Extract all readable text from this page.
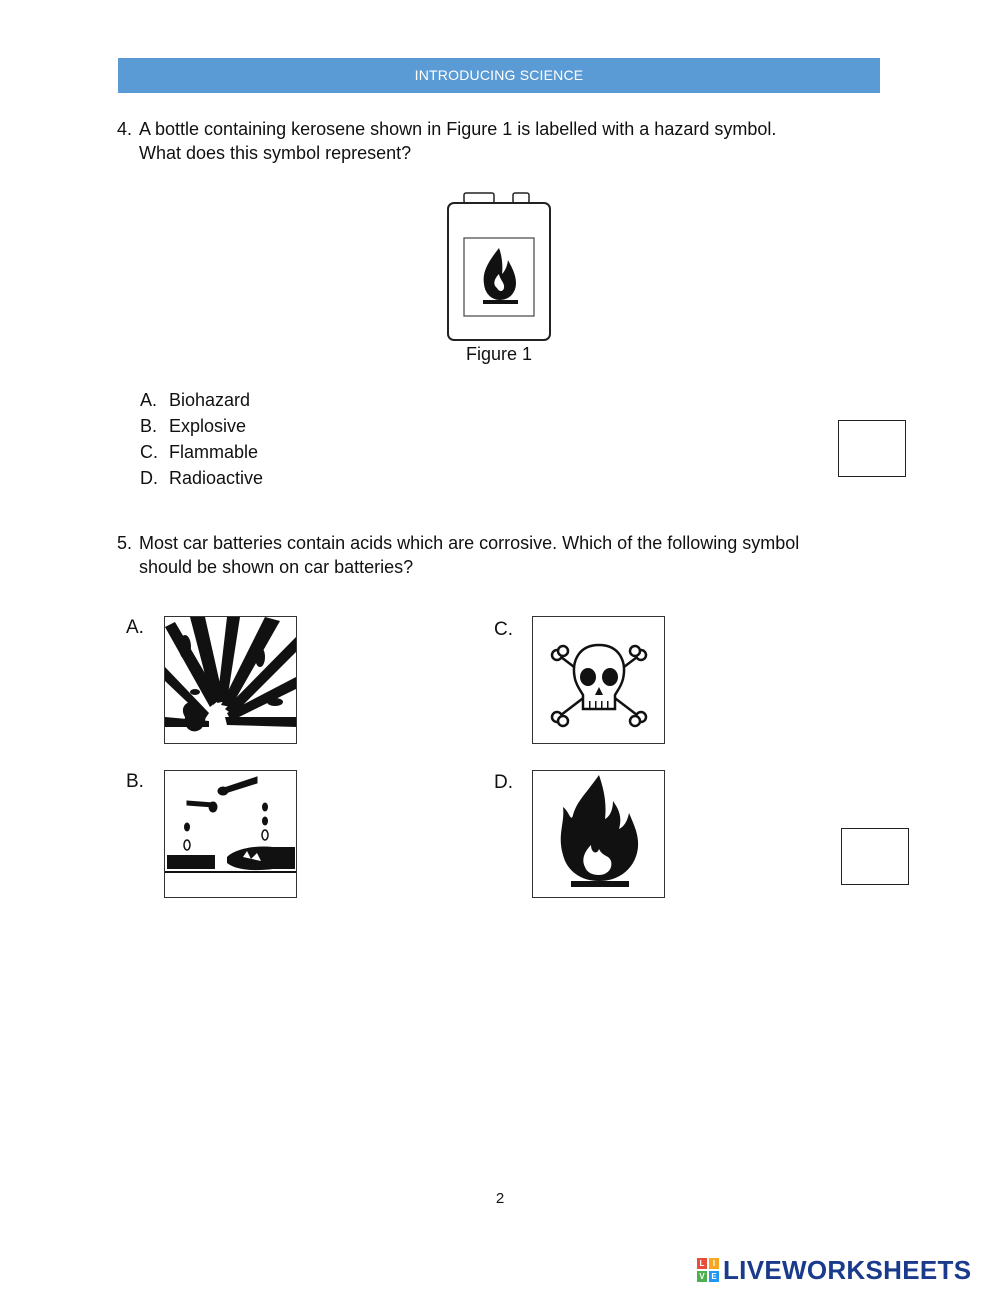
INTRODUCING SCIENCE
4. A bottle containing kerosene shown in Figure 1 is labelled with a hazard symbol.
What does this symbol represent?
Figure 1
A. Biohazard
B. Explosive
C. Flammable
D. Radioactive
5. Most car batteries contain acids which are corrosive. Which of the following symbol
should be shown on car batteries?
A.
B.
C.
D.
2
L	I
V E LIVEWORKSHEETS
